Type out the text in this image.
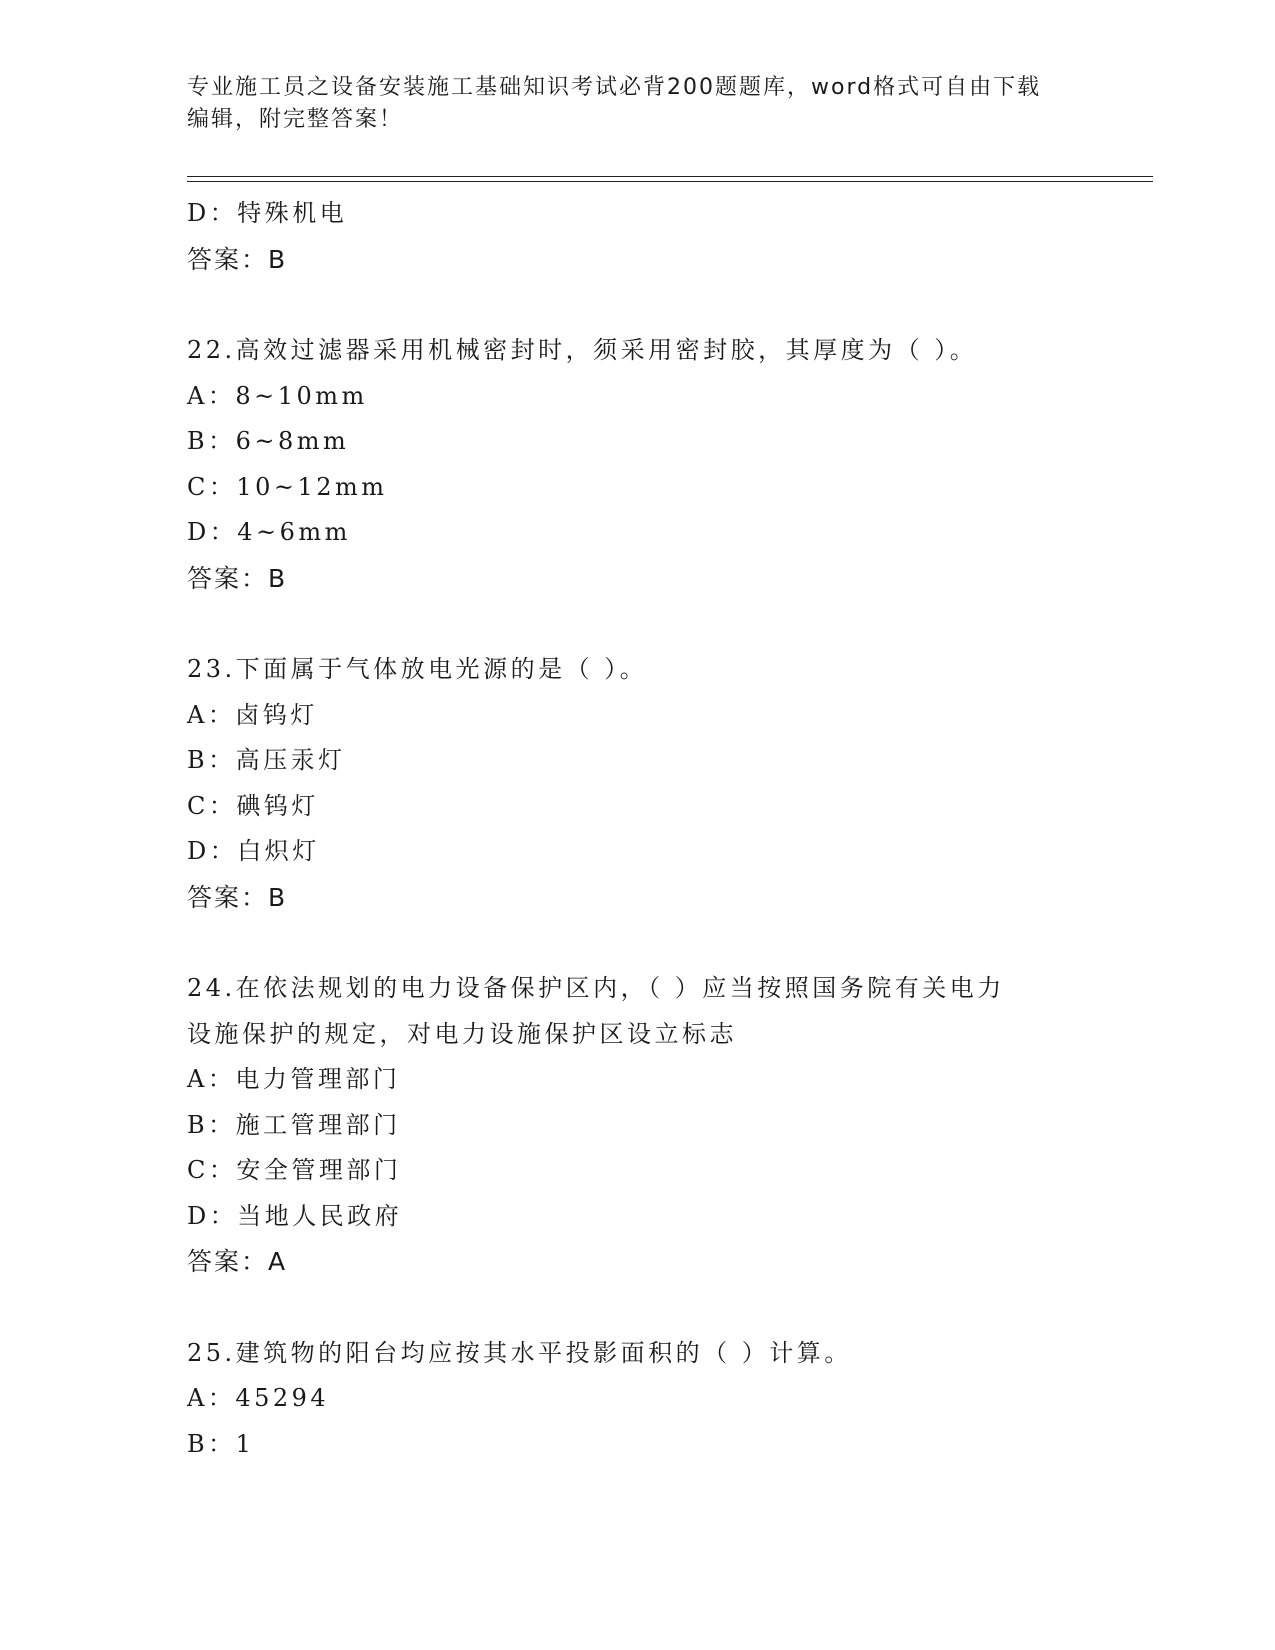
专业施工员之设备安装施工基础知识考试必背200题题库，word格式可自由下载
编辑，附完整答案！
D：特殊机电
答案：B
22.高效过滤器采用机械密封时，须采用密封胶，其厚度为（ ）。
A：8~10mm
B：6~8mm
C：10~12mm
D：4~6mm
答案：B
23.下面属于气体放电光源的是（ ）。
A：卤钨灯
B：高压汞灯
C：碘钨灯
D：白炽灯
答案：B
24.在依法规划的电力设备保护区内，（ ）应当按照国务院有关电力
设施保护的规定，对电力设施保护区设立标志
A：电力管理部门
B：施工管理部门
C：安全管理部门
D：当地人民政府
答案：A
25.建筑物的阳台均应按其水平投影面积的（ ）计算。
A：45294
B：1
